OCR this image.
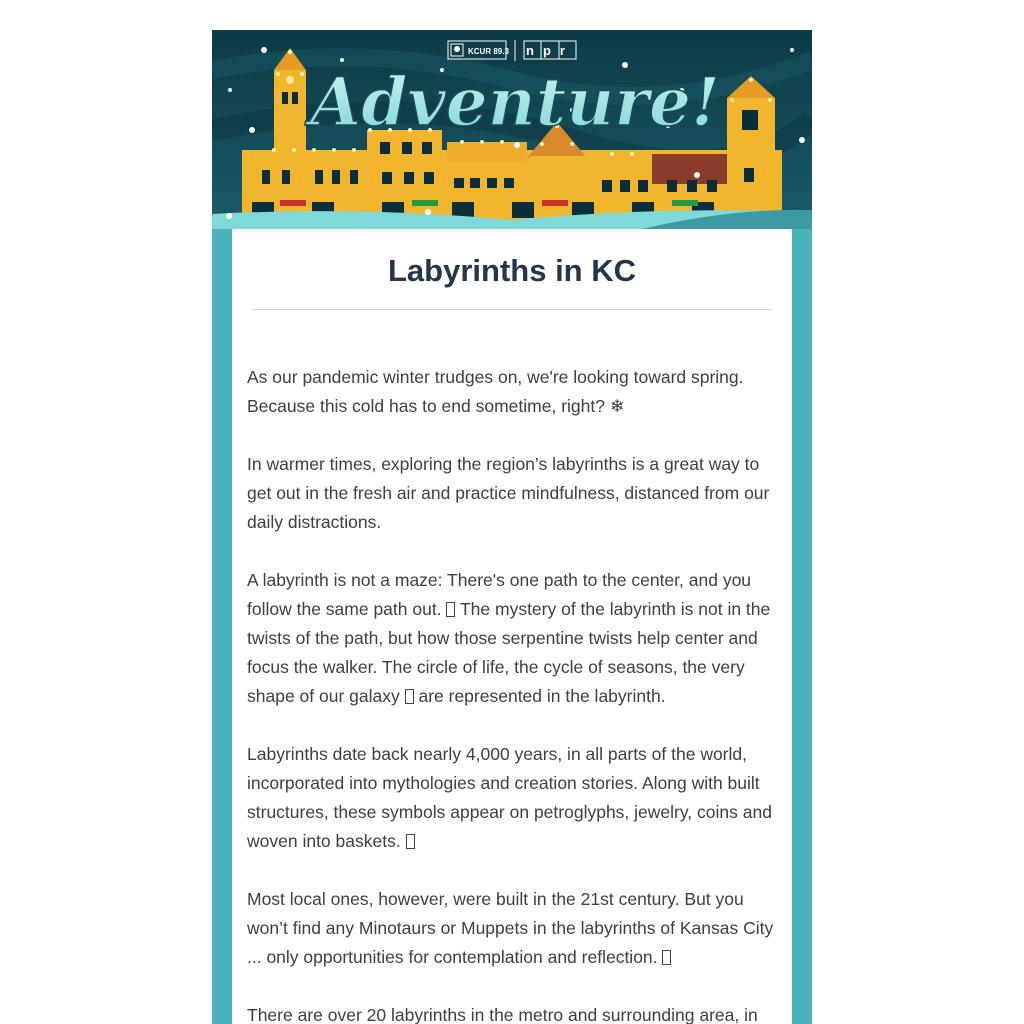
Adventure!
KCUR 89.3 npr
Labyrinths in KC

As our pandemic winter trudges on, we're looking toward spring. Because this cold has to end sometime, right? ❄

In warmer times, exploring the region’s labyrinths is a great way to get out in the fresh air and practice mindfulness, distanced from our daily distractions.

A labyrinth is not a maze: There's one path to the center, and you follow the same path out.  The mystery of the labyrinth is not in the twists of the path, but how those serpentine twists help center and focus the walker. The circle of life, the cycle of seasons, the very shape of our galaxy  are represented in the labyrinth.

Labyrinths date back nearly 4,000 years, in all parts of the world, incorporated into mythologies and creation stories. Along with built structures, these symbols appear on petroglyphs, jewelry, coins and woven into baskets.

Most local ones, however, were built in the 21st century. But you won’t find any Minotaurs or Muppets in the labyrinths of Kansas City ... only opportunities for contemplation and reflection.

There are over 20 labyrinths in the metro and surrounding area, in
